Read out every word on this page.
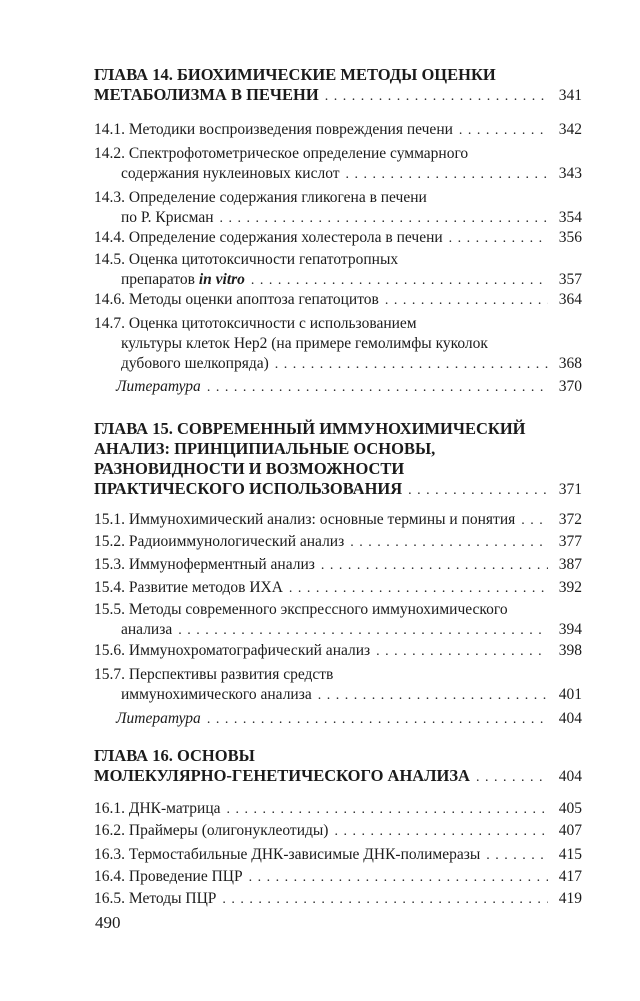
ГЛАВА 14. БИОХИМИЧЕСКИЕ МЕТОДЫ ОЦЕНКИ
МЕТАБОЛИЗМА В ПЕЧЕНИ . . .	341
14.1. Методики воспроизведения повреждения печени . . .	342
14.2. Спектрофотометрическое определение суммарного
содержания нуклеиновых кислот . . .	343
14.3. Определение содержания гликогена в печени
по Р. Крисман . . .	354
14.4. Определение содержания холестерола в печени . . .	356
14.5. Оценка цитотоксичности гепатотропных
препаратов in vitro . . .	357
14.6. Методы оценки апоптоза гепатоцитов . . .	364
14.7. Оценка цитотоксичности с использованием
культуры клеток Hep2 (на примере гемолимфы куколок
дубового шелкопряда) . . .	368
Литература . . .	370
ГЛАВА 15. СОВРЕМЕННЫЙ ИММУНОХИМИЧЕСКИЙ
АНАЛИЗ: ПРИНЦИПИАЛЬНЫЕ ОСНОВЫ,
РАЗНОВИДНОСТИ И ВОЗМОЖНОСТИ
ПРАКТИЧЕСКОГО ИСПОЛЬЗОВАНИЯ . . .	371
15.1. Иммунохимический анализ: основные термины и понятия . . .	372
15.2. Радиоиммунологический анализ . . .	377
15.3. Иммуноферментный анализ . . .	387
15.4. Развитие методов ИХА . . .	392
15.5. Методы современного экспрессного иммунохимического
анализа . . .	394
15.6. Иммунохроматографический анализ . . .	398
15.7. Перспективы развития средств
иммунохимического анализа . . .	401
Литература . . .	404
ГЛАВА 16. ОСНОВЫ
МОЛЕКУЛЯРНО-ГЕНЕТИЧЕСКОГО АНАЛИЗА . . .	404
16.1. ДНК-матрица . . .	405
16.2. Праймеры (олигонуклеотиды) . . .	407
16.3. Термостабильные ДНК-зависимые ДНК-полимеразы . . .	415
16.4. Проведение ПЦР . . .	417
16.5. Методы ПЦР . . .	419
490
